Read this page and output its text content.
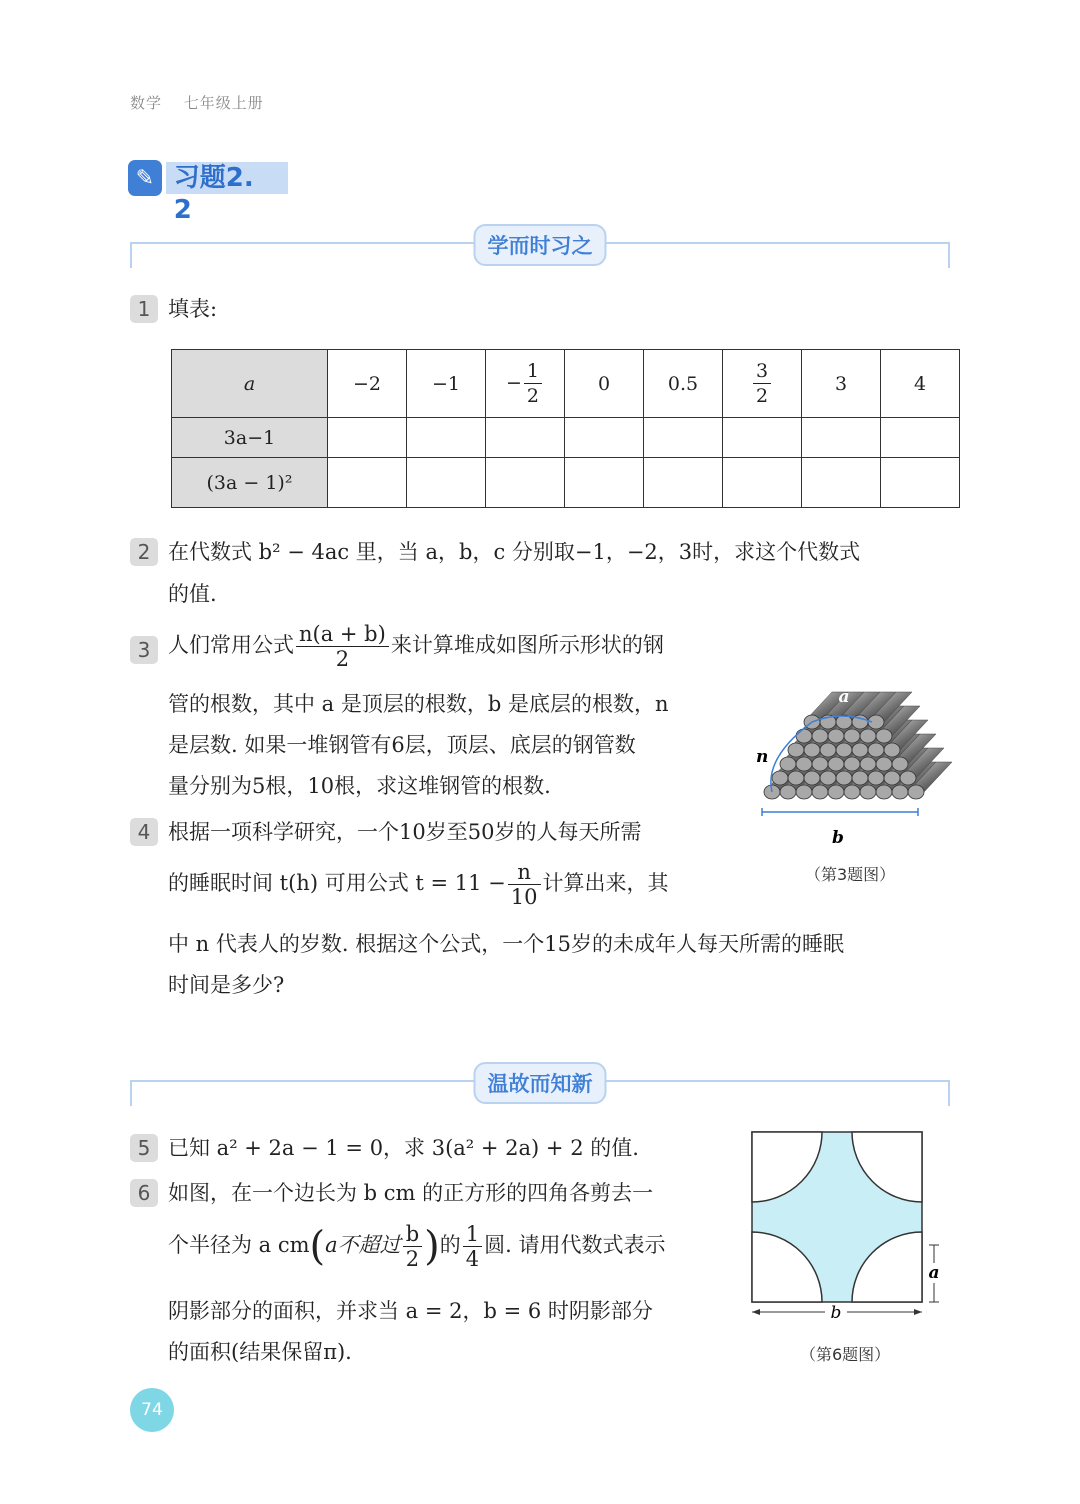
数学 七年级上册
✎ 习题2. 2
学而时习之
1 填表:
a	−2	−1	− $\frac{1}{2}$	0	0.5	$\frac{3}{2}$	3	4
3a−1								
(3a − 1)²								
2 在代数式 b² − 4ac 里，当 a，b，c 分别取−1，−2，3时，求这个代数式
的值.
3 人们常用公式 $\frac{n(a + b)}{2}$ 来计算堆成如图所示形状的钢
管的根数，其中 a 是顶层的根数，b 是底层的根数，n
是层数. 如果一堆钢管有6层，顶层、底层的钢管数
量分别为5根，10根，求这堆钢管的根数.
b
a
n
（第3题图）
4 根据一项科学研究，一个10岁至50岁的人每天所需
的睡眠时间 t(h) 可用公式 $t = 11 - \frac{n}{10}$ 计算出来，其
中 n 代表人的岁数. 根据这个公式，一个15岁的未成年人每天所需的睡眠
时间是多少?
温故而知新
5 已知 a² + 2a − 1 = 0，求 3(a² + 2a) + 2 的值.
6 如图，在一个边长为 b cm 的正方形的四角各剪去一
个半径为 a cm(a不超过 $\frac{b}{2}$ )的 $\frac{1}{4}$ 圆. 请用代数式表示
阴影部分的面积，并求当 a = 2，b = 6 时阴影部分
的面积(结果保留π).
b
a
（第6题图）
74
